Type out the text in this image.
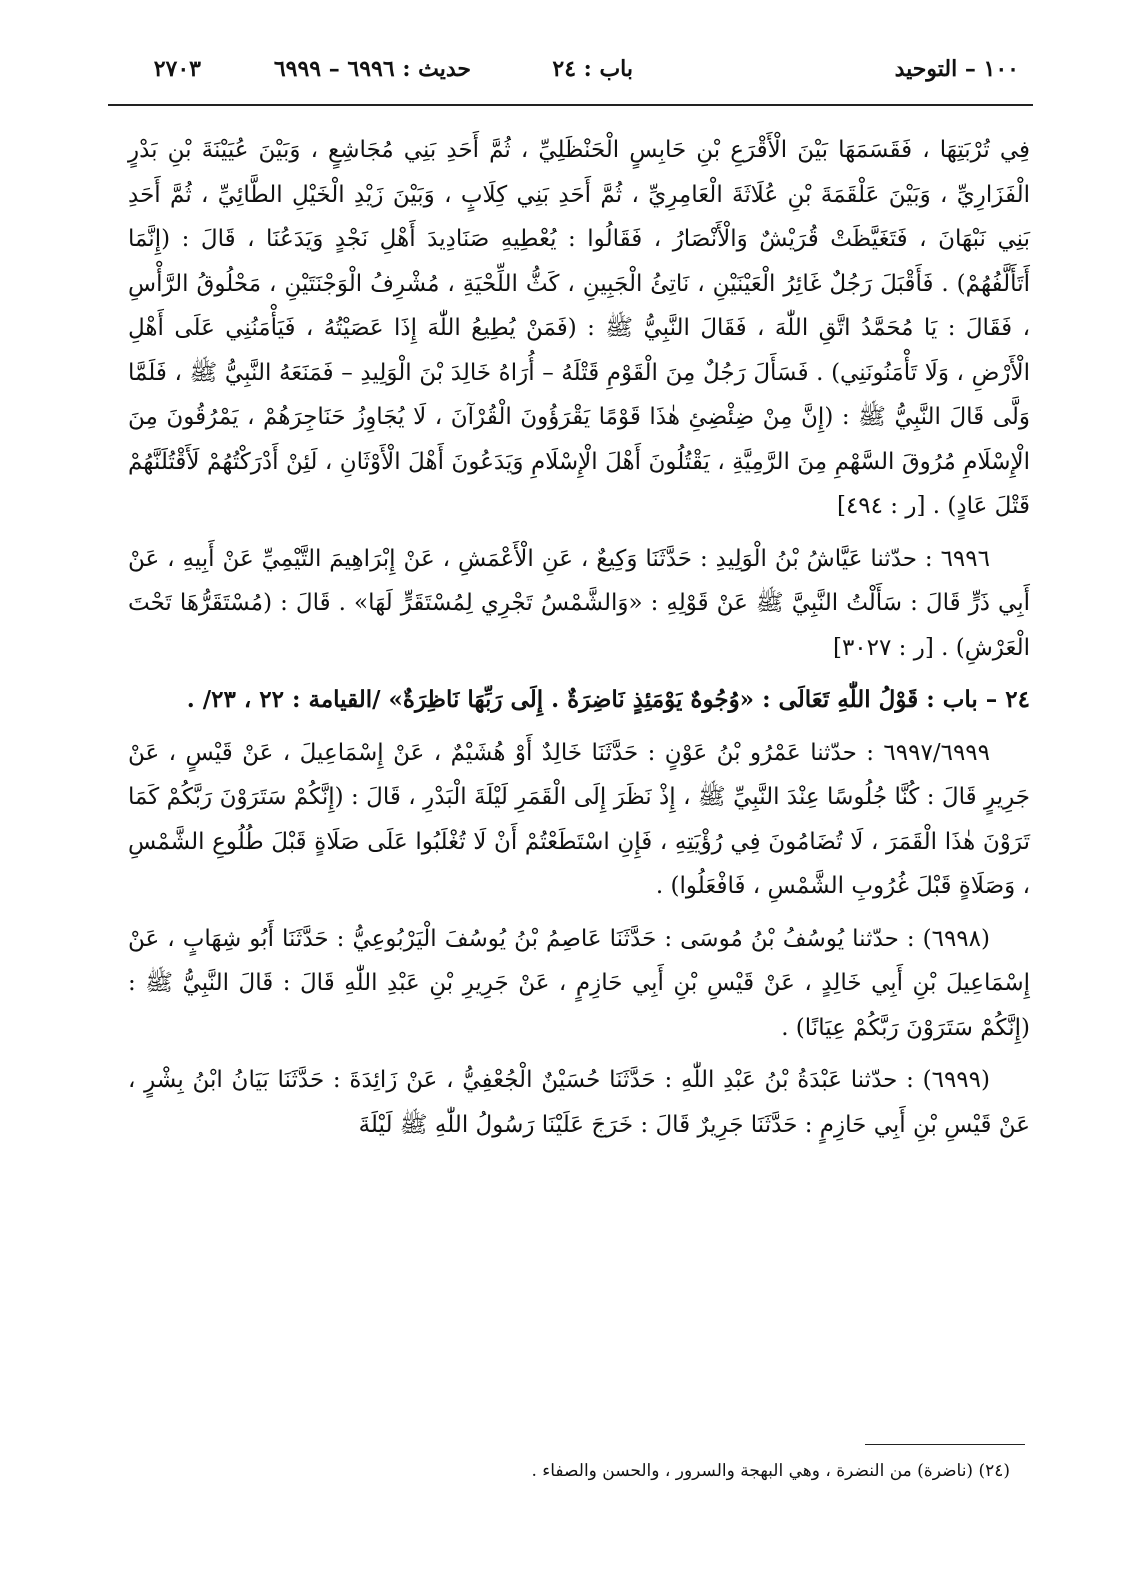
١٠٠ – التوحيد
باب : ٢٤
حديث : ٦٩٩٦ – ٦٩٩٩
٢٧٠٣

فِي تُرْبَتِهَا ، فَقَسَمَهَا بَيْنَ الْأَقْرَعِ بْنِ حَابِسٍ الْحَنْظَلِيِّ ، ثُمَّ أَحَدِ بَنِي مُجَاشِعٍ ، وَبَيْنَ عُيَيْنَةَ بْنِ بَدْرٍ الْفَزَارِيِّ ، وَبَيْنَ عَلْقَمَةَ بْنِ عُلَاثَةَ الْعَامِرِيِّ ، ثُمَّ أَحَدِ بَنِي كِلَابٍ ، وَبَيْنَ زَيْدِ الْخَيْلِ الطَّائِيِّ ، ثُمَّ أَحَدِ بَنِي نَبْهَانَ ، فَتَغَيَّظَتْ قُرَيْشٌ وَالْأَنْصَارُ ، فَقَالُوا : يُعْطِيهِ صَنَادِيدَ أَهْلِ نَجْدٍ وَيَدَعُنَا ، قَالَ : (إِنَّمَا أَتَأَلَّفُهُمْ) . فَأَقْبَلَ رَجُلٌ غَائِرُ الْعَيْنَيْنِ ، نَاتِئُ الْجَبِينِ ، كَثُّ اللِّحْيَةِ ، مُشْرِفُ الْوَجْنَتَيْنِ ، مَحْلُوقُ الرَّأْسِ ، فَقَالَ : يَا مُحَمَّدُ اتَّقِ اللّٰهَ ، فَقَالَ النَّبِيُّ ﷺ : (فَمَنْ يُطِيعُ اللّٰهَ إِذَا عَصَيْتُهُ ، فَيَأْمَنُنِي عَلَى أَهْلِ الْأَرْضِ ، وَلَا تَأْمَنُونَنِي) . فَسَأَلَ رَجُلٌ مِنَ الْقَوْمِ قَتْلَهُ – أُرَاهُ خَالِدَ بْنَ الْوَلِيدِ – فَمَنَعَهُ النَّبِيُّ ﷺ ، فَلَمَّا وَلَّى قَالَ النَّبِيُّ ﷺ : (إِنَّ مِنْ ضِئْضِئِ هٰذَا قَوْمًا يَقْرَؤُونَ الْقُرْآنَ ، لَا يُجَاوِزُ حَنَاجِرَهُمْ ، يَمْرُقُونَ مِنَ الْإِسْلَامِ مُرُوقَ السَّهْمِ مِنَ الرَّمِيَّةِ ، يَقْتُلُونَ أَهْلَ الْإِسْلَامِ وَيَدَعُونَ أَهْلَ الْأَوْثَانِ ، لَئِنْ أَدْرَكْتُهُمْ لَأَقْتُلَنَّهُمْ قَتْلَ عَادٍ) . [ر : ٤٩٤]

٦٩٩٦ : حدّثنا عَيَّاشُ بْنُ الْوَلِيدِ : حَدَّثَنَا وَكِيعٌ ، عَنِ الْأَعْمَشِ ، عَنْ إِبْرَاهِيمَ التَّيْمِيِّ عَنْ أَبِيهِ ، عَنْ أَبِي ذَرٍّ قَالَ : سَأَلْتُ النَّبِيَّ ﷺ عَنْ قَوْلِهِ : «وَالشَّمْسُ تَجْرِي لِمُسْتَقَرٍّ لَهَا» . قَالَ : (مُسْتَقَرُّهَا تَحْتَ الْعَرْشِ) . [ر : ٣٠٢٧]

٢٤ – باب : قَوْلُ اللّٰهِ تَعَالَى : «وُجُوهٌ يَوْمَئِذٍ نَاضِرَةٌ . إِلَى رَبِّهَا نَاظِرَةٌ» /القيامة : ٢٢ ، ٢٣/ .

٦٩٩٧/٦٩٩٩ : حدّثنا عَمْرُو بْنُ عَوْنٍ : حَدَّثَنَا خَالِدٌ أَوْ هُشَيْمٌ ، عَنْ إِسْمَاعِيلَ ، عَنْ قَيْسٍ ، عَنْ جَرِيرٍ قَالَ : كُنَّا جُلُوسًا عِنْدَ النَّبِيِّ ﷺ ، إِذْ نَظَرَ إِلَى الْقَمَرِ لَيْلَةَ الْبَدْرِ ، قَالَ : (إِنَّكُمْ سَتَرَوْنَ رَبَّكُمْ كَمَا تَرَوْنَ هٰذَا الْقَمَرَ ، لَا تُضَامُونَ فِي رُؤْيَتِهِ ، فَإِنِ اسْتَطَعْتُمْ أَنْ لَا تُغْلَبُوا عَلَى صَلَاةٍ قَبْلَ طُلُوعِ الشَّمْسِ ، وَصَلَاةٍ قَبْلَ غُرُوبِ الشَّمْسِ ، فَافْعَلُوا) .

(٦٩٩٨) : حدّثنا يُوسُفُ بْنُ مُوسَى : حَدَّثَنَا عَاصِمُ بْنُ يُوسُفَ الْيَرْبُوعِيُّ : حَدَّثَنَا أَبُو شِهَابٍ ، عَنْ إِسْمَاعِيلَ بْنِ أَبِي خَالِدٍ ، عَنْ قَيْسِ بْنِ أَبِي حَازِمٍ ، عَنْ جَرِيرِ بْنِ عَبْدِ اللّٰهِ قَالَ : قَالَ النَّبِيُّ ﷺ : (إِنَّكُمْ سَتَرَوْنَ رَبَّكُمْ عِيَانًا) .

(٦٩٩٩) : حدّثنا عَبْدَةُ بْنُ عَبْدِ اللّٰهِ : حَدَّثَنَا حُسَيْنٌ الْجُعْفِيُّ ، عَنْ زَائِدَةَ : حَدَّثَنَا بَيَانُ ابْنُ بِشْرٍ ، عَنْ قَيْسِ بْنِ أَبِي حَازِمٍ : حَدَّثَنَا جَرِيرٌ قَالَ : خَرَجَ عَلَيْنَا رَسُولُ اللّٰهِ ﷺ لَيْلَةَ

(٢٤) (ناضرة) من النضرة ، وهي البهجة والسرور ، والحسن والصفاء .
